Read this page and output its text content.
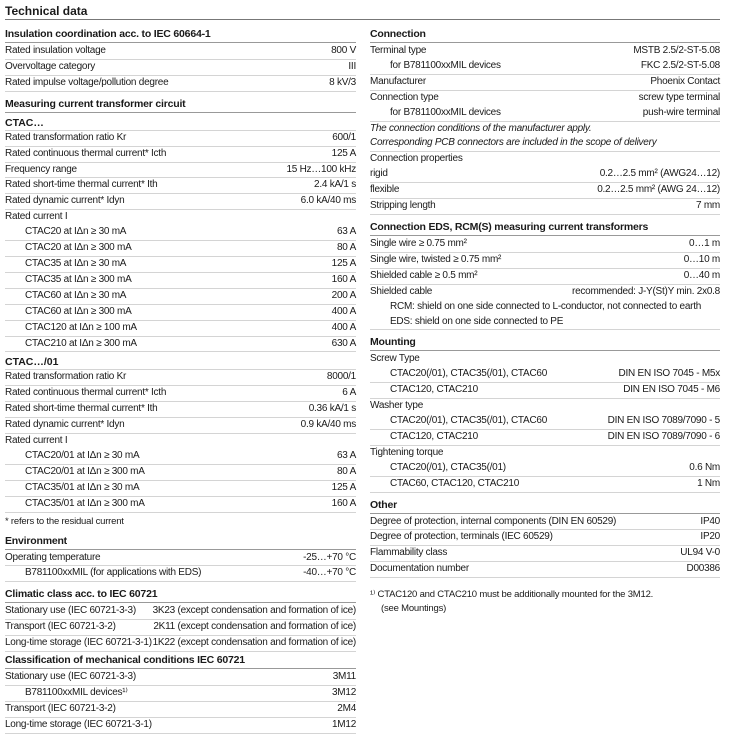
Technical data
Insulation coordination acc. to IEC 60664-1
Rated insulation voltage	800 V
Overvoltage category	III
Rated impulse voltage/pollution degree	8 kV/3
Measuring current transformer circuit
CTAC…
Rated transformation ratio Kr	600/1
Rated continuous thermal current* Icth	125 A
Frequency range	15 Hz…100 kHz
Rated short-time thermal current* Ith	2.4 kA/1 s
Rated dynamic current* Idyn	6.0 kA/40 ms
Rated current I
CTAC20 at IΔn ≥ 30 mA	63 A
CTAC20 at IΔn ≥ 300 mA	80 A
CTAC35 at IΔn ≥ 30 mA	125 A
CTAC35 at IΔn ≥ 300 mA	160 A
CTAC60 at IΔn ≥ 30 mA	200 A
CTAC60 at IΔn ≥ 300 mA	400 A
CTAC120 at IΔn ≥ 100 mA	400 A
CTAC210 at IΔn ≥ 300 mA	630 A
CTAC…/01
Rated transformation ratio Kr	8000/1
Rated continuous thermal current* Icth	6 A
Rated short-time thermal current* Ith	0.36 kA/1 s
Rated dynamic current* Idyn	0.9 kA/40 ms
Rated current I
CTAC20/01 at IΔn ≥ 30 mA	63 A
CTAC20/01 at IΔn ≥ 300 mA	80 A
CTAC35/01 at IΔn ≥ 30 mA	125 A
CTAC35/01 at IΔn ≥ 300 mA	160 A
* refers to the residual current
Environment
Operating temperature	-25…+70 °C
B781100xxMIL (for applications with EDS)	-40…+70 °C
Climatic class acc. to IEC 60721
Stationary use (IEC 60721-3-3) 3K23 (except condensation and formation of ice)
Transport (IEC 60721-3-2)	2K11 (except condensation and formation of ice)
Long-time storage (IEC 60721-3-1) 1K22 (except condensation and formation of ice)
Classification of mechanical conditions IEC 60721
Stationary use (IEC 60721-3-3)	3M11
B781100xxMIL devices¹⁾	3M12
Transport (IEC 60721-3-2)	2M4
Long-time storage (IEC 60721-3-1)	1M12
Connection
Terminal type	MSTB 2.5/2-ST-5.08
for B781100xxMIL devices	FKC 2.5/2-ST-5.08
Manufacturer	Phoenix Contact
Connection type	screw type terminal
for B781100xxMIL devices	push-wire terminal
The connection conditions of the manufacturer apply.
Corresponding PCB connectors are included in the scope of delivery
Connection properties
rigid	0.2…2.5 mm² (AWG24…12)
flexible	0.2…2.5 mm² (AWG 24…12)
Stripping length	7 mm
Connection EDS, RCM(S) measuring current transformers
Single wire ≥ 0.75 mm²	0…1 m
Single wire, twisted ≥ 0.75 mm²	0…10 m
Shielded cable ≥ 0.5 mm²	0…40 m
Shielded cable	recommended: J-Y(St)Y min. 2x0.8
RCM: shield on one side connected to L-conductor, not connected to earth
EDS: shield on one side connected to PE
Mounting
Screw Type
CTAC20(/01), CTAC35(/01), CTAC60	DIN EN ISO 7045 - M5x
CTAC120, CTAC210	DIN EN ISO 7045 - M6
Washer type
CTAC20(/01), CTAC35(/01), CTAC60	DIN EN ISO 7089/7090 - 5
CTAC120, CTAC210	DIN EN ISO 7089/7090 - 6
Tightening torque
CTAC20(/01), CTAC35(/01)	0.6 Nm
CTAC60, CTAC120, CTAC210	1 Nm
Other
Degree of protection, internal components (DIN EN 60529)	IP40
Degree of protection, terminals (IEC 60529)	IP20
Flammability class	UL94 V-0
Documentation number	D00386
¹⁾ CTAC120 and CTAC210 must be additionally mounted for the 3M12.
(see Mountings)
